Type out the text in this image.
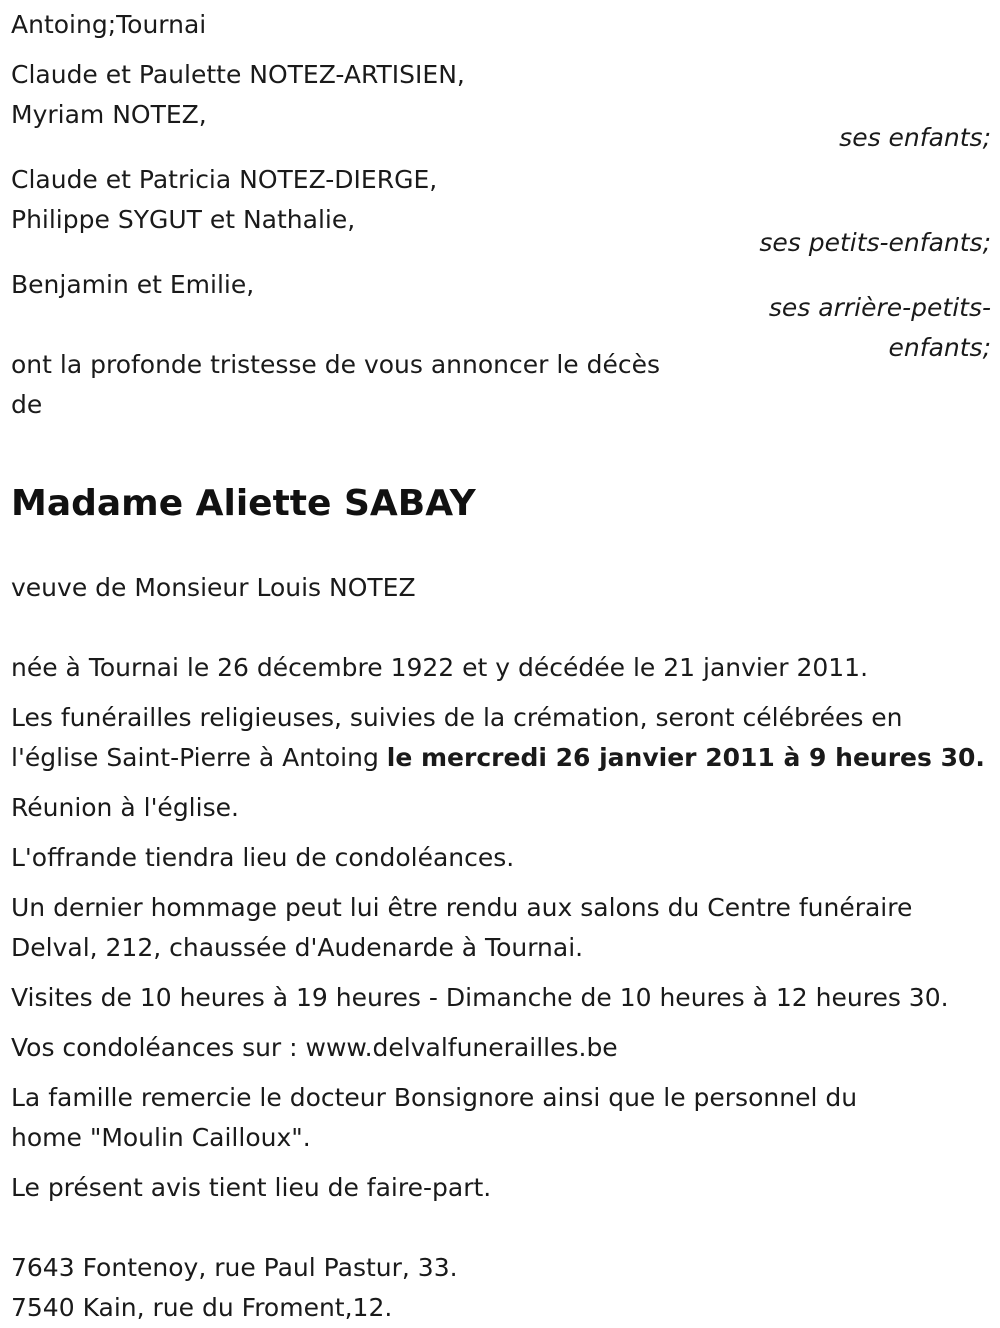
Antoing;Tournai
Claude et Paulette NOTEZ-ARTISIEN,
Myriam NOTEZ,
ses enfants;
Claude et Patricia NOTEZ-DIERGE,
Philippe SYGUT et Nathalie,
ses petits-enfants;
Benjamin et Emilie,
ses arrière-petits-
enfants;
ont la profonde tristesse de vous annoncer le décès
de
Madame Aliette SABAY
veuve de Monsieur Louis NOTEZ
née à Tournai le 26 décembre 1922 et y décédée le 21 janvier 2011.
Les funérailles religieuses, suivies de la crémation, seront célébrées en
l'église Saint-Pierre à Antoing le mercredi 26 janvier 2011 à 9 heures 30.
Réunion à l'église.
L'offrande tiendra lieu de condoléances.
Un dernier hommage peut lui être rendu aux salons du Centre funéraire
Delval, 212, chaussée d'Audenarde à Tournai.
Visites de 10 heures à 19 heures - Dimanche de 10 heures à 12 heures 30.
Vos condoléances sur : www.delvalfunerailles.be
La famille remercie le docteur Bonsignore ainsi que le personnel du
home "Moulin Cailloux".
Le présent avis tient lieu de faire-part.
7643 Fontenoy, rue Paul Pastur, 33.
7540 Kain, rue du Froment,12.
